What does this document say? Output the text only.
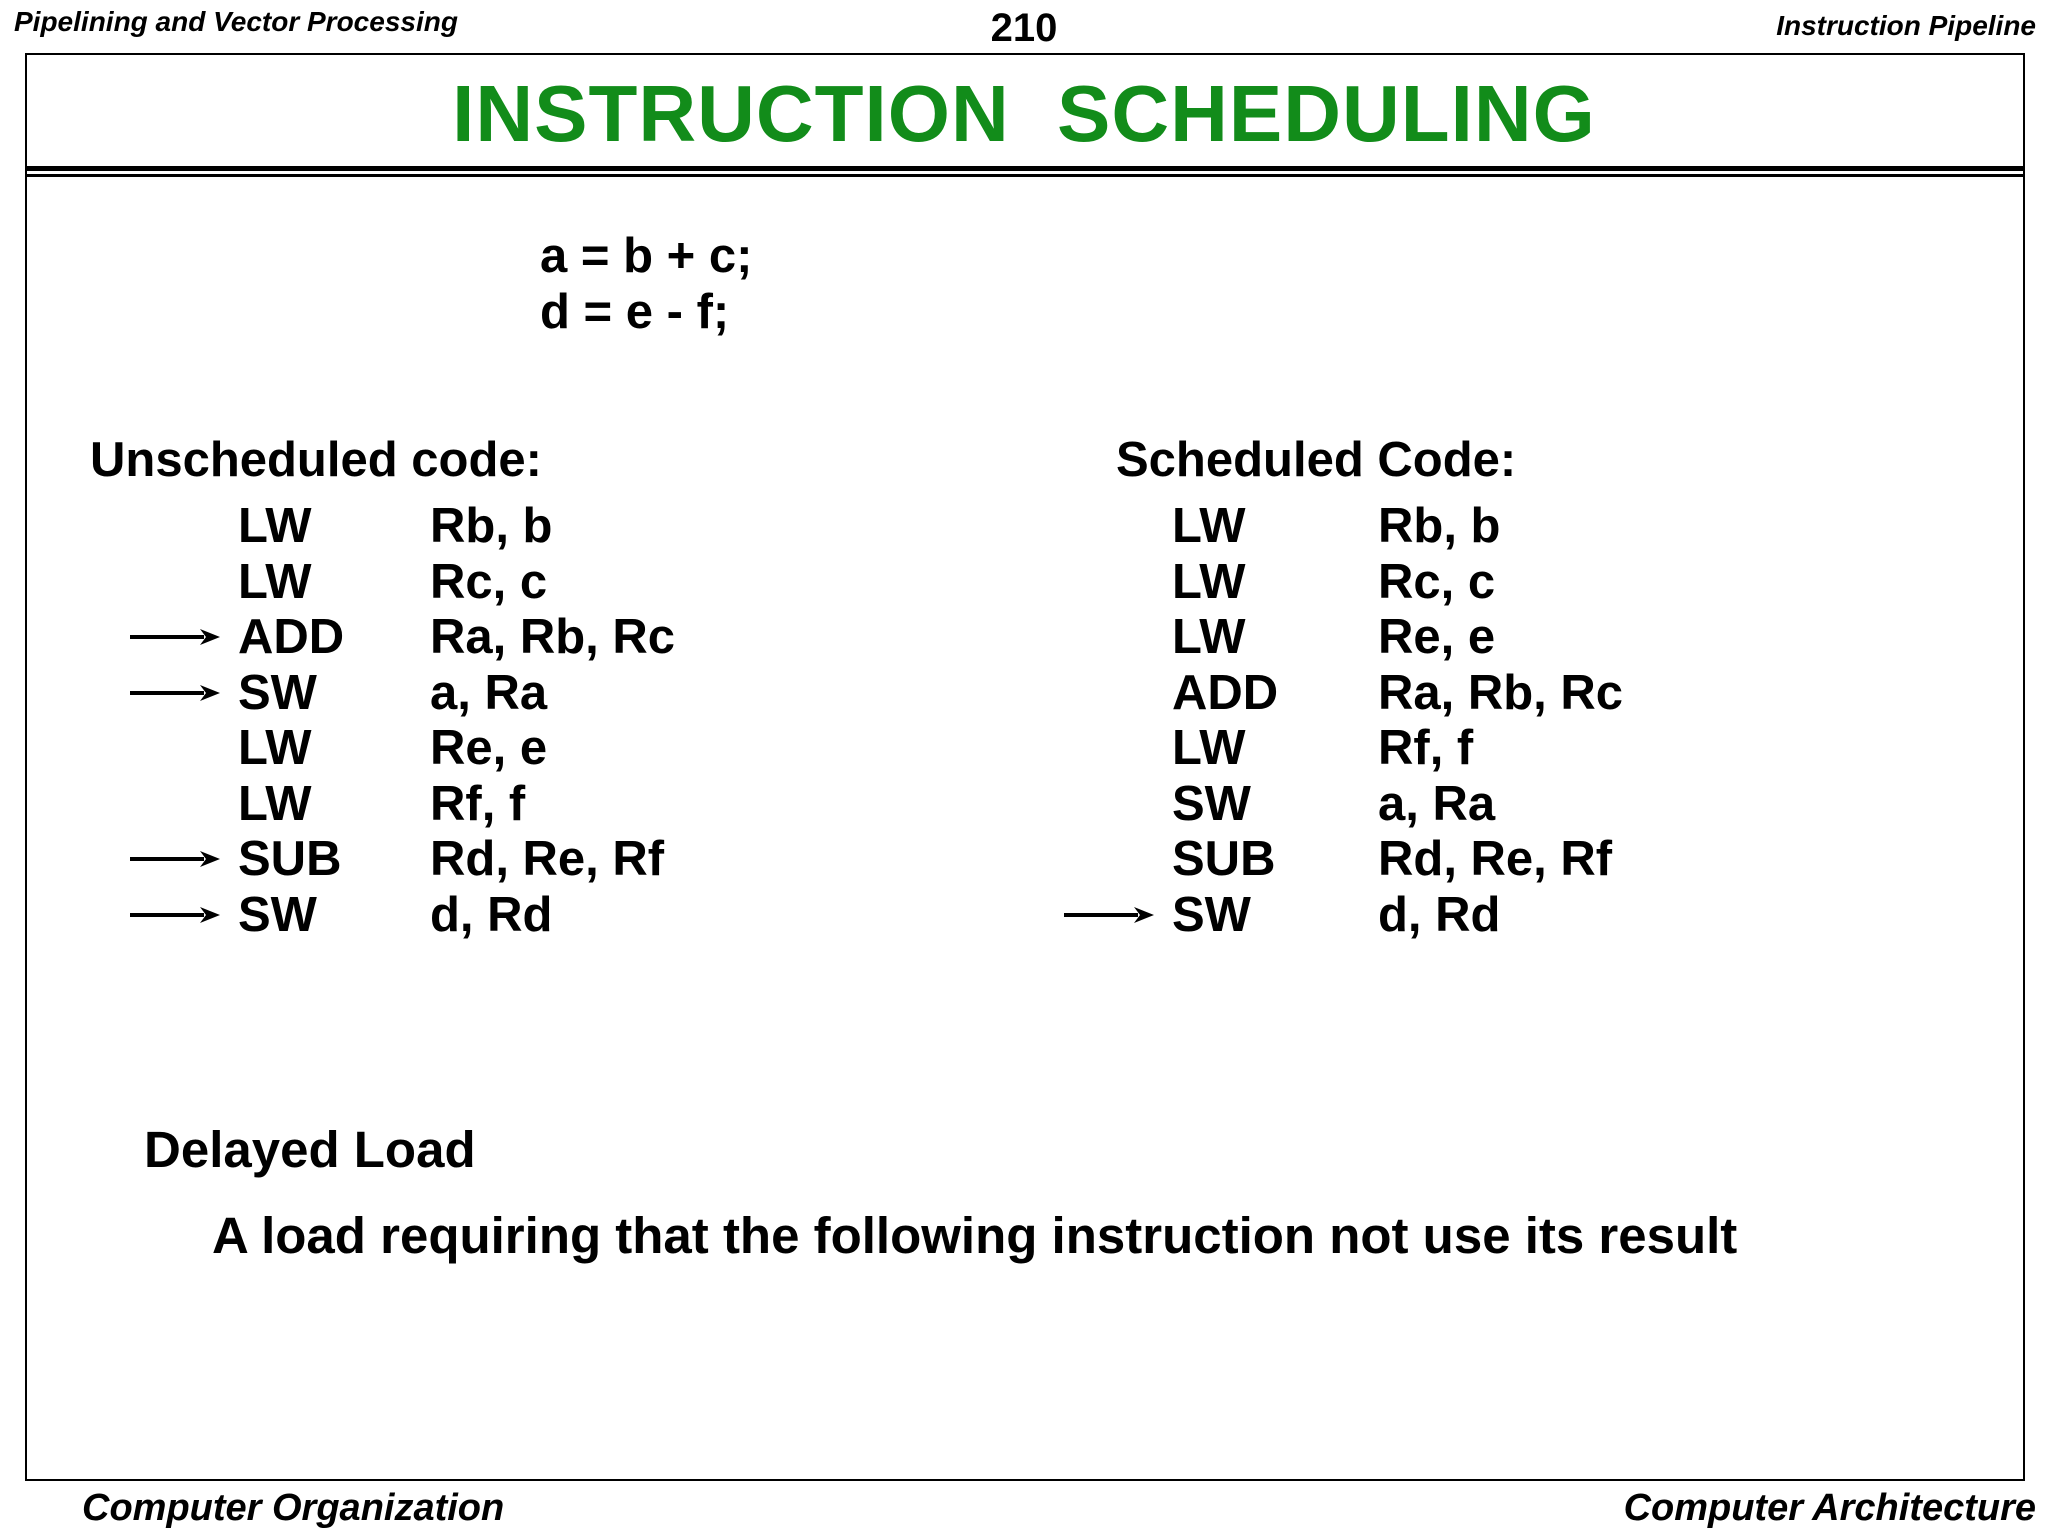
Pipelining and Vector Processing	210	Instruction Pipeline
INSTRUCTION SCHEDULING
a = b + c;
d = e - f;
Unscheduled code:	Scheduled Code:
LW Rb, b
LW Rc, c
ADD Ra, Rb, Rc
SW a, Ra
LW Re, e
LW Rf, f
SUB Rd, Re, Rf
SW d, Rd
LW	Rb, b
LW	Rc, c
LW	Re, e
ADD Ra, Rb, Rc
LW	Rf, f
SW	a, Ra
SUB Rd, Re, Rf
SW	d, Rd
Delayed Load
A load requiring that the following instruction not use its result
Computer Organization	Computer Architecture
